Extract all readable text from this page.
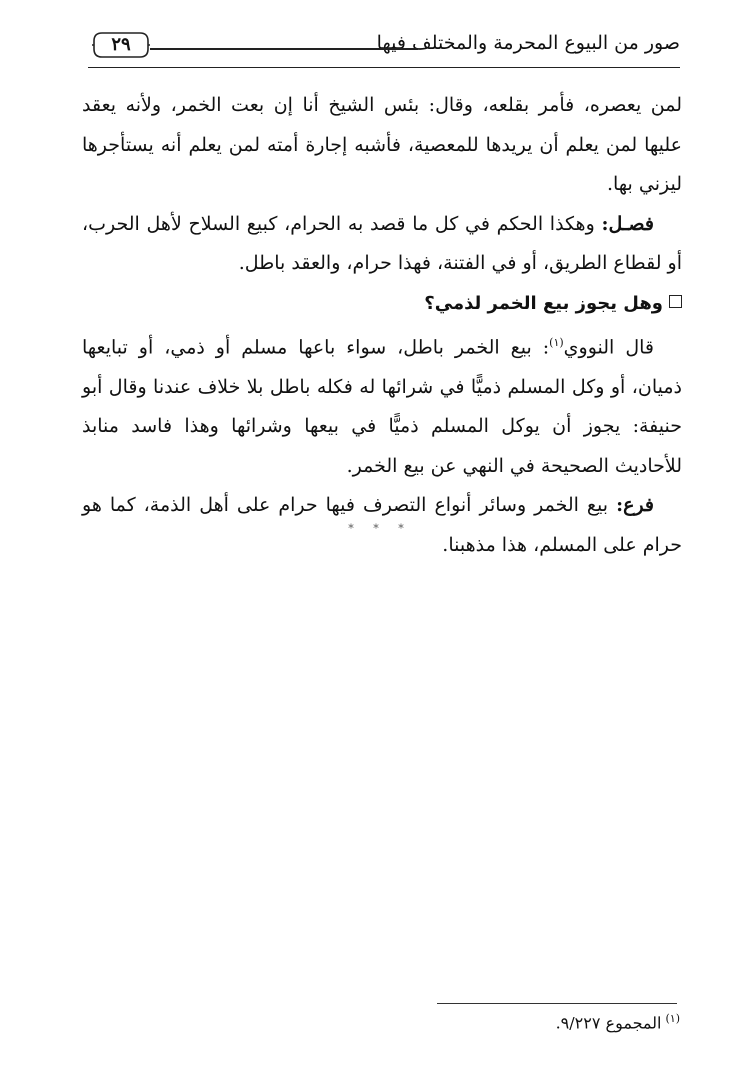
صور من البيوع المحرمة والمختلف فيها
٢٩

لمن يعصره، فأمر بقلعه، وقال: بئس الشيخ أنا إن بعت الخمر، ولأنه يعقد عليها لمن يعلم أن يريدها للمعصية، فأشبه إجارة أمته لمن يعلم أنه يستأجرها ليزني بها.

فصـل: وهكذا الحكم في كل ما قصد به الحرام، كبيع السلاح لأهل الحرب، أو لقطاع الطريق، أو في الفتنة، فهذا حرام، والعقد باطل.

وهل يجوز بيع الخمر لذمي؟

قال النووي$^{(١)}$: بيع الخمر باطل، سواء باعها مسلم أو ذمي، أو تبايعها ذميان، أو وكل المسلم ذميًّا في شرائها له فكله باطل بلا خلاف عندنا وقال أبو حنيفة: يجوز أن يوكل المسلم ذميًّا في بيعها وشرائها وهذا فاسد منابذ للأحاديث الصحيحة في النهي عن بيع الخمر.

فرع: بيع الخمر وسائر أنواع التصرف فيها حرام على أهل الذمة، كما هو حرام على المسلم، هذا مذهبنا.

* * *
$^{(١)}$المجموع ٩/٢٢٧.
